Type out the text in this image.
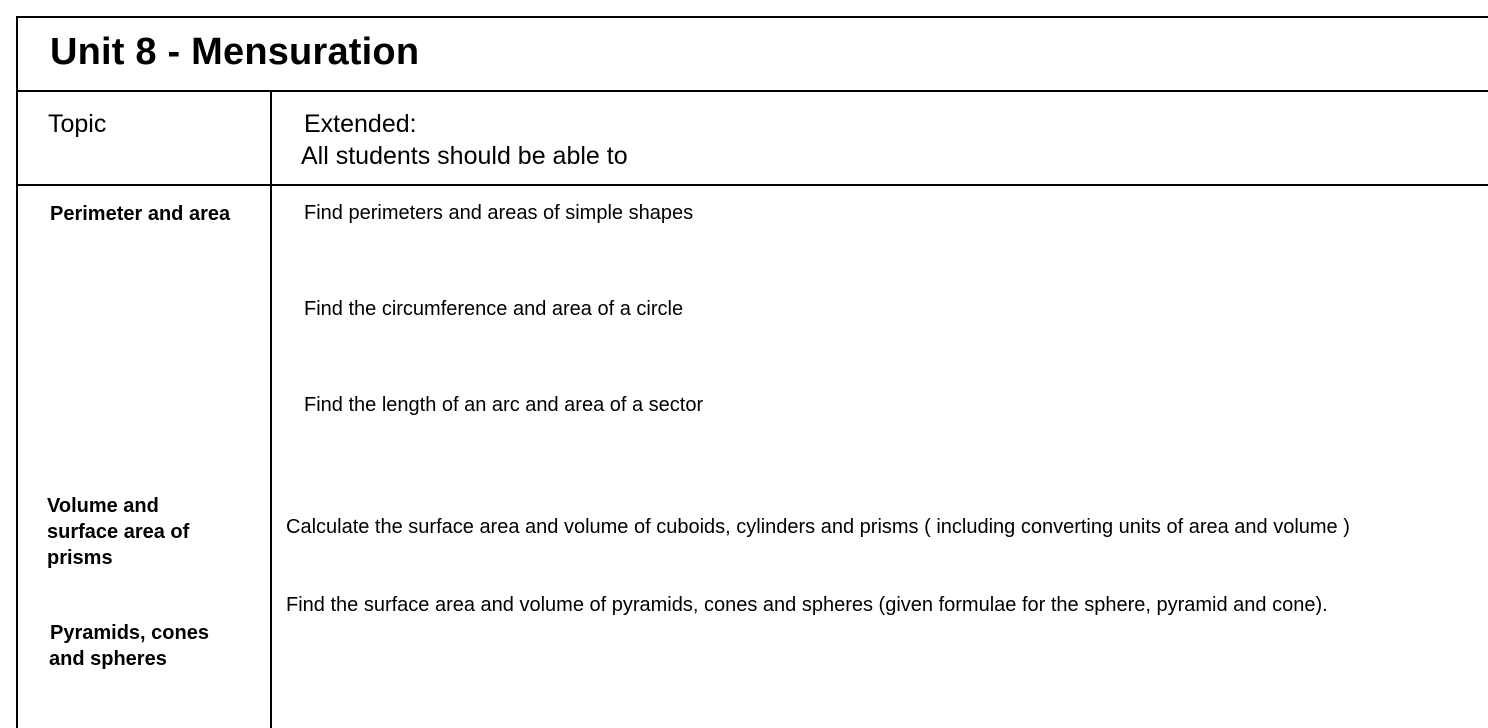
Unit 8 - Mensuration
Topic	Extended:
All students should be able to
Perimeter and area
Volume and surface area of prisms
Pyramids, cones and spheres
Find perimeters and areas of simple shapes
Find the circumference and area of a circle
Find the length of an arc and area of a sector
Calculate the surface area and volume of cuboids, cylinders and prisms ( including converting units of area and volume )
Find the surface area and volume of pyramids, cones and spheres (given formulae for the sphere, pyramid and cone).
